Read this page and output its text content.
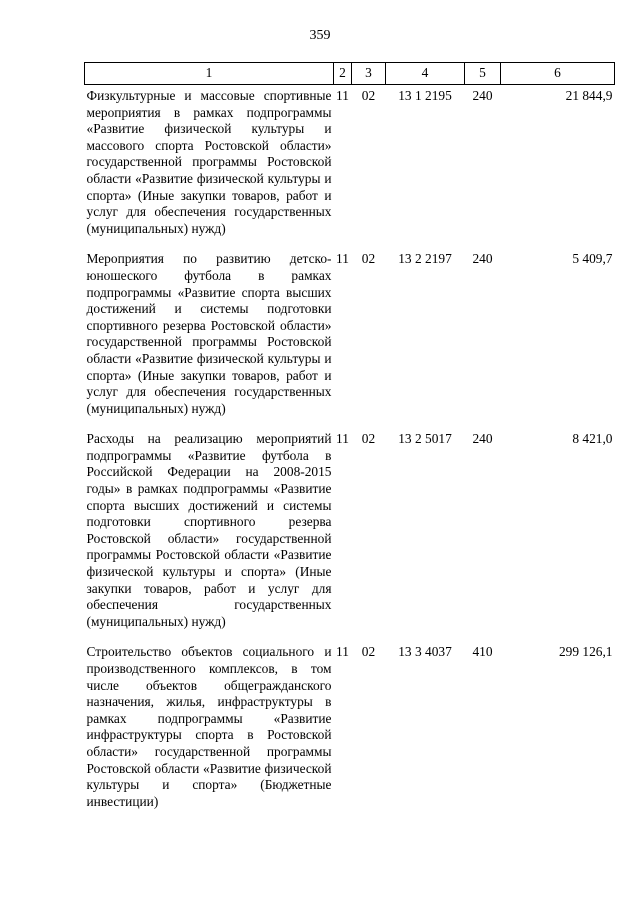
359
1	2	3	4	5	6
Физкультурные и массовые спортивные мероприятия в рамках подпрограммы «Развитие физической культуры и массового спорта Ростовской области» государственной программы Ростовской области «Развитие физической культуры и спорта» (Иные закупки товаров, работ и услуг для обеспечения государственных (муниципальных) нужд)	11	02	13 1 2195	240	21 844,9
Мероприятия по развитию детско-юношеского футбола в рамках подпрограммы «Развитие спорта высших достижений и системы подготовки спортивного резерва Ростовской области» государственной программы Ростовской области «Развитие физической культуры и спорта» (Иные закупки товаров, работ и услуг для обеспечения государственных (муниципальных) нужд)	11	02	13 2 2197	240	5 409,7
Расходы на реализацию мероприятий подпрограммы «Развитие футбола в Российской Федерации на 2008-2015 годы» в рамках подпрограммы «Развитие спорта высших достижений и системы подготовки спортивного резерва Ростовской области» государственной программы Ростовской области «Развитие физической культуры и спорта» (Иные закупки товаров, работ и услуг для обеспечения государственных (муниципальных) нужд)	11	02	13 2 5017	240	8 421,0
Строительство объектов социального и производственного комплексов, в том числе объектов общегражданского назначения, жилья, инфраструктуры в рамках подпрограммы «Развитие инфраструктуры спорта в Ростовской области» государственной программы Ростовской области «Развитие физической культуры и спорта» (Бюджетные инвестиции)	11	02	13 3 4037	410	299 126,1
